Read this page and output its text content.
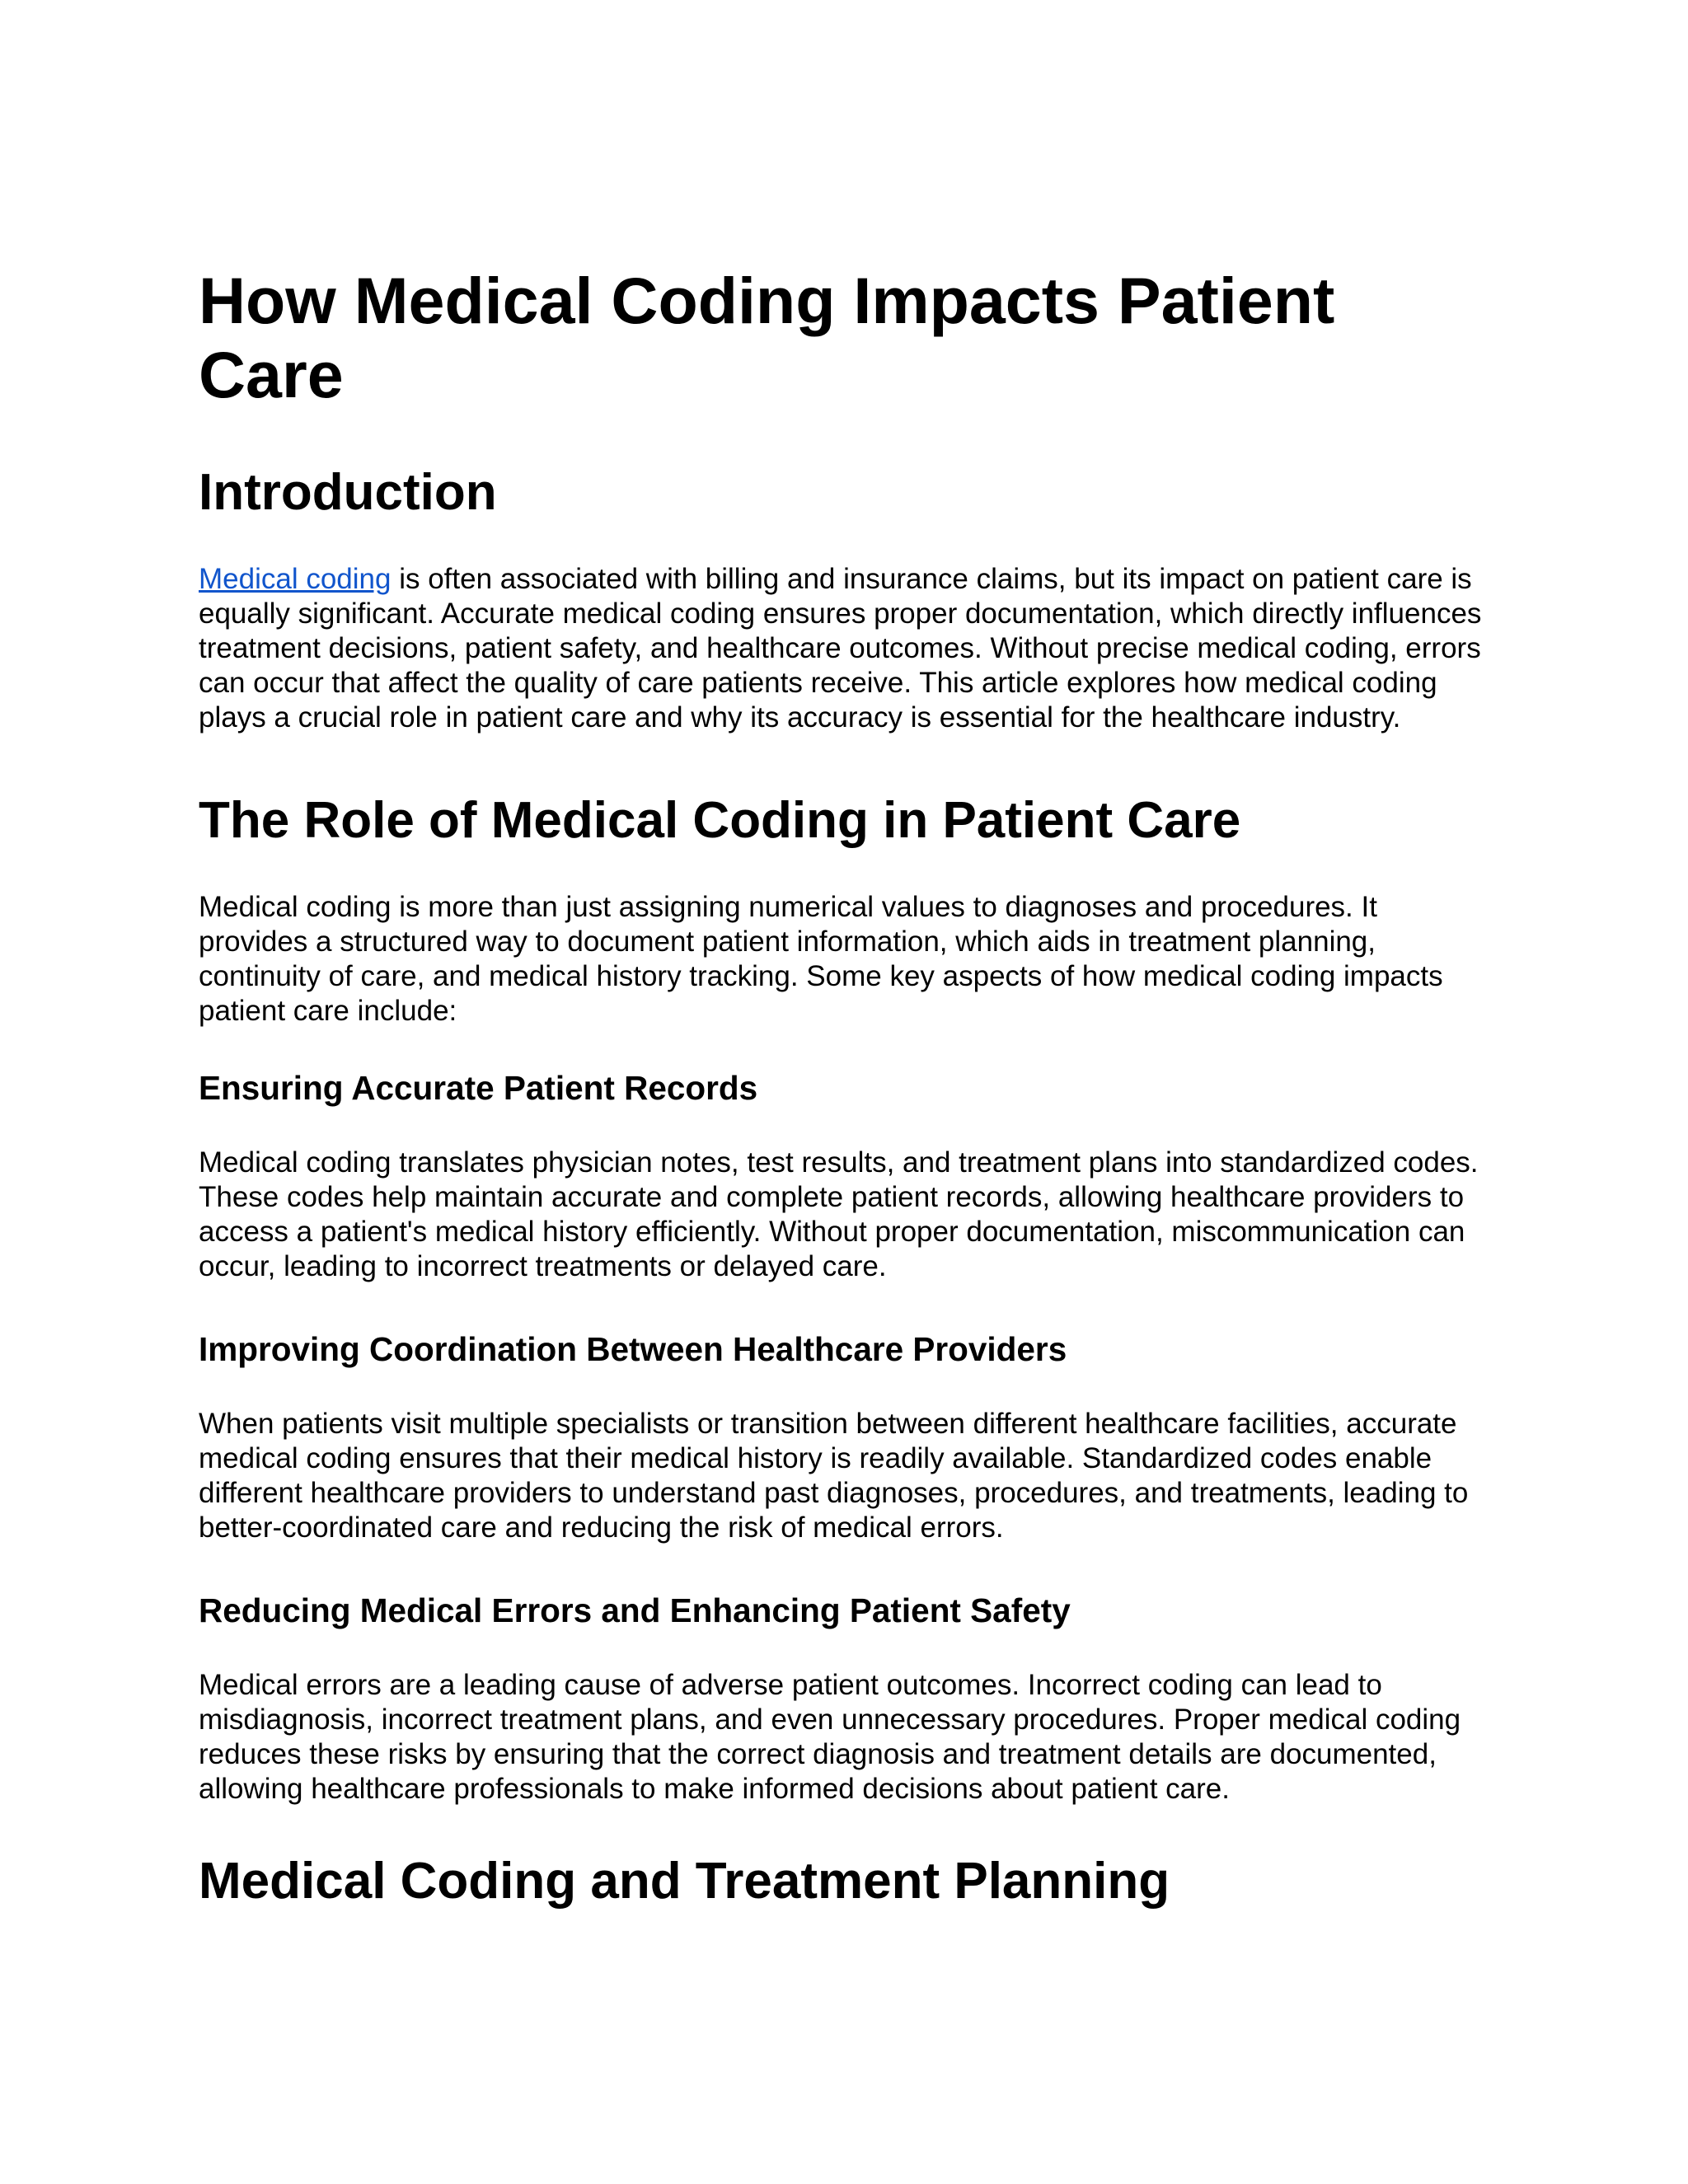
How Medical Coding Impacts Patient Care
Introduction

Medical coding is often associated with billing and insurance claims, but its impact on patient care is equally significant. Accurate medical coding ensures proper documentation, which directly influences treatment decisions, patient safety, and healthcare outcomes. Without precise medical coding, errors can occur that affect the quality of care patients receive. This article explores how medical coding plays a crucial role in patient care and why its accuracy is essential for the healthcare industry.

The Role of Medical Coding in Patient Care

Medical coding is more than just assigning numerical values to diagnoses and procedures. It provides a structured way to document patient information, which aids in treatment planning, continuity of care, and medical history tracking. Some key aspects of how medical coding impacts patient care include:

Ensuring Accurate Patient Records

Medical coding translates physician notes, test results, and treatment plans into standardized codes. These codes help maintain accurate and complete patient records, allowing healthcare providers to access a patient's medical history efficiently. Without proper documentation, miscommunication can occur, leading to incorrect treatments or delayed care.

Improving Coordination Between Healthcare Providers

When patients visit multiple specialists or transition between different healthcare facilities, accurate medical coding ensures that their medical history is readily available. Standardized codes enable different healthcare providers to understand past diagnoses, procedures, and treatments, leading to better-coordinated care and reducing the risk of medical errors.

Reducing Medical Errors and Enhancing Patient Safety

Medical errors are a leading cause of adverse patient outcomes. Incorrect coding can lead to misdiagnosis, incorrect treatment plans, and even unnecessary procedures. Proper medical coding reduces these risks by ensuring that the correct diagnosis and treatment details are documented, allowing healthcare professionals to make informed decisions about patient care.

Medical Coding and Treatment Planning
